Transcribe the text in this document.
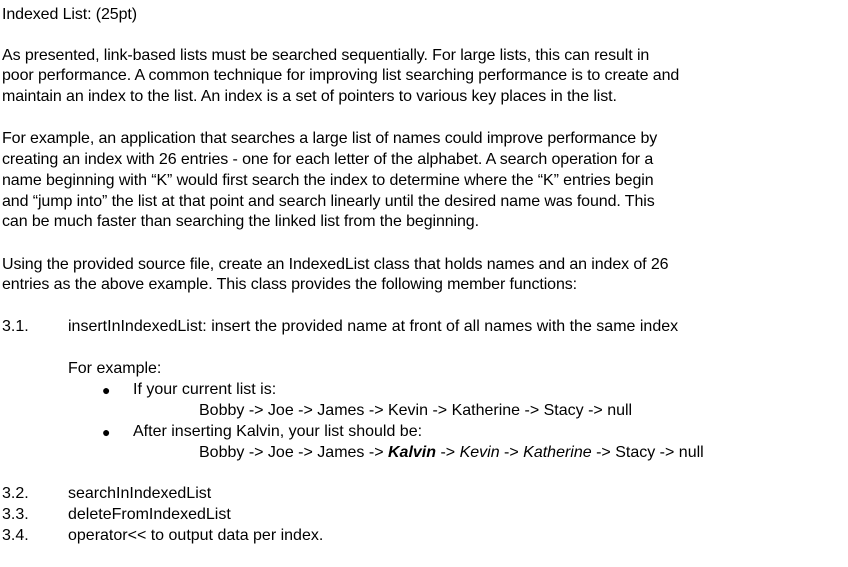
Indexed List: (25pt)
As presented, link-based lists must be searched sequentially. For large lists, this can result in
poor performance. A common technique for improving list searching performance is to create and
maintain an index to the list. An index is a set of pointers to various key places in the list.
For example, an application that searches a large list of names could improve performance by
creating an index with 26 entries - one for each letter of the alphabet. A search operation for a
name beginning with “K” would first search the index to determine where the “K” entries begin
and “jump into” the list at that point and search linearly until the desired name was found. This
can be much faster than searching the linked list from the beginning.
Using the provided source file, create an IndexedList class that holds names and an index of 26
entries as the above example. This class provides the following member functions:
3.1. insertInIndexedList: insert the provided name at front of all names with the same index
For example:
● If your current list is:
Bobby -> Joe -> James -> Kevin -> Katherine -> Stacy -> null
● After inserting Kalvin, your list should be:
Bobby -> Joe -> James -> Kalvin -> Kevin -> Katherine -> Stacy -> null
3.2. searchInIndexedList
3.3. deleteFromIndexedList
3.4. operator<< to output data per index.
